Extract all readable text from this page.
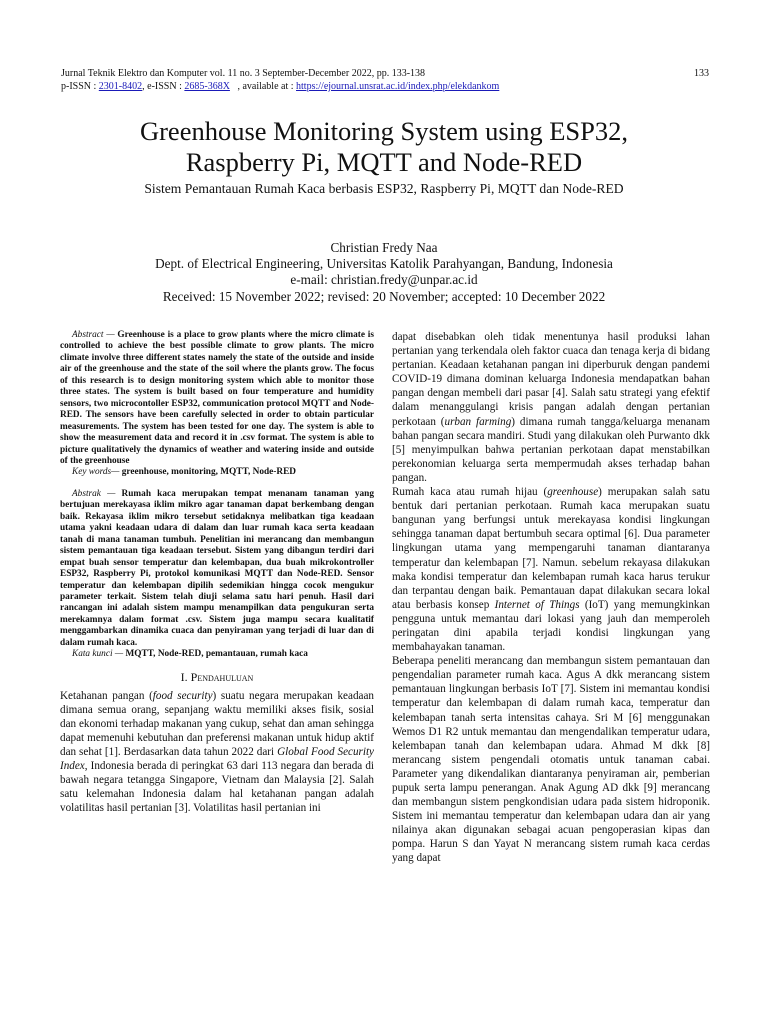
Jurnal Teknik Elektro dan Komputer vol. 11 no. 3 September-December 2022, pp. 133-138	133
p-ISSN : 2301-8402, e-ISSN : 2685-368X   , available at : https://ejournal.unsrat.ac.id/index.php/elekdankom
Greenhouse Monitoring System using ESP32,
Raspberry Pi, MQTT and Node-RED
Sistem Pemantauan Rumah Kaca berbasis ESP32, Raspberry Pi, MQTT dan Node-RED
Christian Fredy Naa
Dept. of Electrical Engineering, Universitas Katolik Parahyangan, Bandung, Indonesia
e-mail: christian.fredy@unpar.ac.id
Received: 15 November 2022; revised: 20 November; accepted: 10 December 2022
Abstract — Greenhouse is a place to grow plants where the micro climate is controlled to achieve the best possible climate to grow plants. The micro climate involve three different states namely the state of the outside and inside air of the greenhouse and the state of the soil where the plants grow. The focus of this research is to design monitoring system which able to monitor those three states. The system is built based on four temperature and humidity sensors, two microcontoller ESP32, communication protocol MQTT and Node-RED. The sensors have been carefully selected in order to obtain particular measurements. The system has been tested for one day. The system is able to show the measurement data and record it in .csv format. The system is able to picture qualitatively the dynamics of weather and watering inside and outside of the greenhouse
Key words— greenhouse, monitoring, MQTT, Node-RED
Abstrak — Rumah kaca merupakan tempat menanam tanaman yang bertujuan merekayasa iklim mikro agar tanaman dapat berkembang dengan baik. Rekayasa iklim mikro tersebut setidaknya melibatkan tiga keadaan utama yakni keadaan udara di dalam dan luar rumah kaca serta keadaan tanah di mana tanaman tumbuh. Penelitian ini merancang dan membangun sistem pemantauan tiga keadaan tersebut. Sistem yang dibangun terdiri dari empat buah sensor temperatur dan kelembapan, dua buah mikrokontroller ESP32, Raspberry Pi, protokol komunikasi MQTT dan Node-RED. Sensor temperatur dan kelembapan dipilih sedemikian hingga cocok mengukur parameter terkait. Sistem telah diuji selama satu hari penuh. Hasil dari rancangan ini adalah sistem mampu menampilkan data pengukuran serta merekamnya dalam format .csv. Sistem juga mampu secara kualitatif menggambarkan dinamika cuaca dan penyiraman yang terjadi di luar dan di dalam rumah kaca.
Kata kunci — MQTT, Node-RED, pemantauan, rumah kaca
I. Pendahuluan

Ketahanan pangan (food security) suatu negara merupakan keadaan dimana semua orang, sepanjang waktu memiliki akses fisik, sosial dan ekonomi terhadap makanan yang cukup, sehat dan aman sehingga dapat memenuhi kebutuhan dan preferensi makanan untuk hidup aktif dan sehat [1]. Berdasarkan data tahun 2022 dari Global Food Security Index, Indonesia berada di peringkat 63 dari 113 negara dan berada di bawah negara tetangga Singapore, Vietnam dan Malaysia [2]. Salah satu kelemahan Indonesia dalam hal ketahanan pangan adalah volatilitas hasil pertanian [3]. Volatilitas hasil pertanian ini

dapat disebabkan oleh tidak menentunya hasil produksi lahan pertanian yang terkendala oleh faktor cuaca dan tenaga kerja di bidang pertanian. Keadaan ketahanan pangan ini diperburuk dengan pandemi COVID-19 dimana dominan keluarga Indonesia mendapatkan bahan pangan dengan membeli dari pasar [4]. Salah satu strategi yang efektif dalam menanggulangi krisis pangan adalah dengan pertanian perkotaan (urban farming) dimana rumah tangga/keluarga menanam bahan pangan secara mandiri. Studi yang dilakukan oleh Purwanto dkk [5] menyimpulkan bahwa pertanian perkotaan dapat menstabilkan perekonomian keluarga serta mempermudah akses terhadap bahan pangan.

Rumah kaca atau rumah hijau (greenhouse) merupakan salah satu bentuk dari pertanian perkotaan. Rumah kaca merupakan suatu bangunan yang berfungsi untuk merekayasa kondisi lingkungan sehingga tanaman dapat bertumbuh secara optimal [6]. Dua parameter lingkungan utama yang mempengaruhi tanaman diantaranya temperatur dan kelembapan [7]. Namun. sebelum rekayasa dilakukan maka kondisi temperatur dan kelembapan rumah kaca harus terukur dan terpantau dengan baik. Pemantauan dapat dilakukan secara lokal atau berbasis konsep Internet of Things (IoT) yang memungkinkan pengguna untuk memantau dari lokasi yang jauh dan memperoleh peringatan dini apabila terjadi kondisi lingkungan yang membahayakan tanaman.

Beberapa peneliti merancang dan membangun sistem pemantauan dan pengendalian parameter rumah kaca. Agus A dkk merancang sistem pemantauan lingkungan berbasis IoT [7]. Sistem ini memantau kondisi temperatur dan kelembapan di dalam rumah kaca, temperatur dan kelembapan tanah serta intensitas cahaya. Sri M [6] menggunakan Wemos D1 R2 untuk memantau dan mengendalikan temperatur udara, kelembapan tanah dan kelembapan udara. Ahmad M dkk [8] merancang sistem pengendali otomatis untuk tanaman cabai. Parameter yang dikendalikan diantaranya penyiraman air, pemberian pupuk serta lampu penerangan. Anak Agung AD dkk [9] merancang dan membangun sistem pengkondisian udara pada sistem hidroponik. Sistem ini memantau temperatur dan kelembapan udara dan air yang nilainya akan digunakan sebagai acuan pengoperasian kipas dan pompa. Harun S dan Yayat N merancang sistem rumah kaca cerdas yang dapat
